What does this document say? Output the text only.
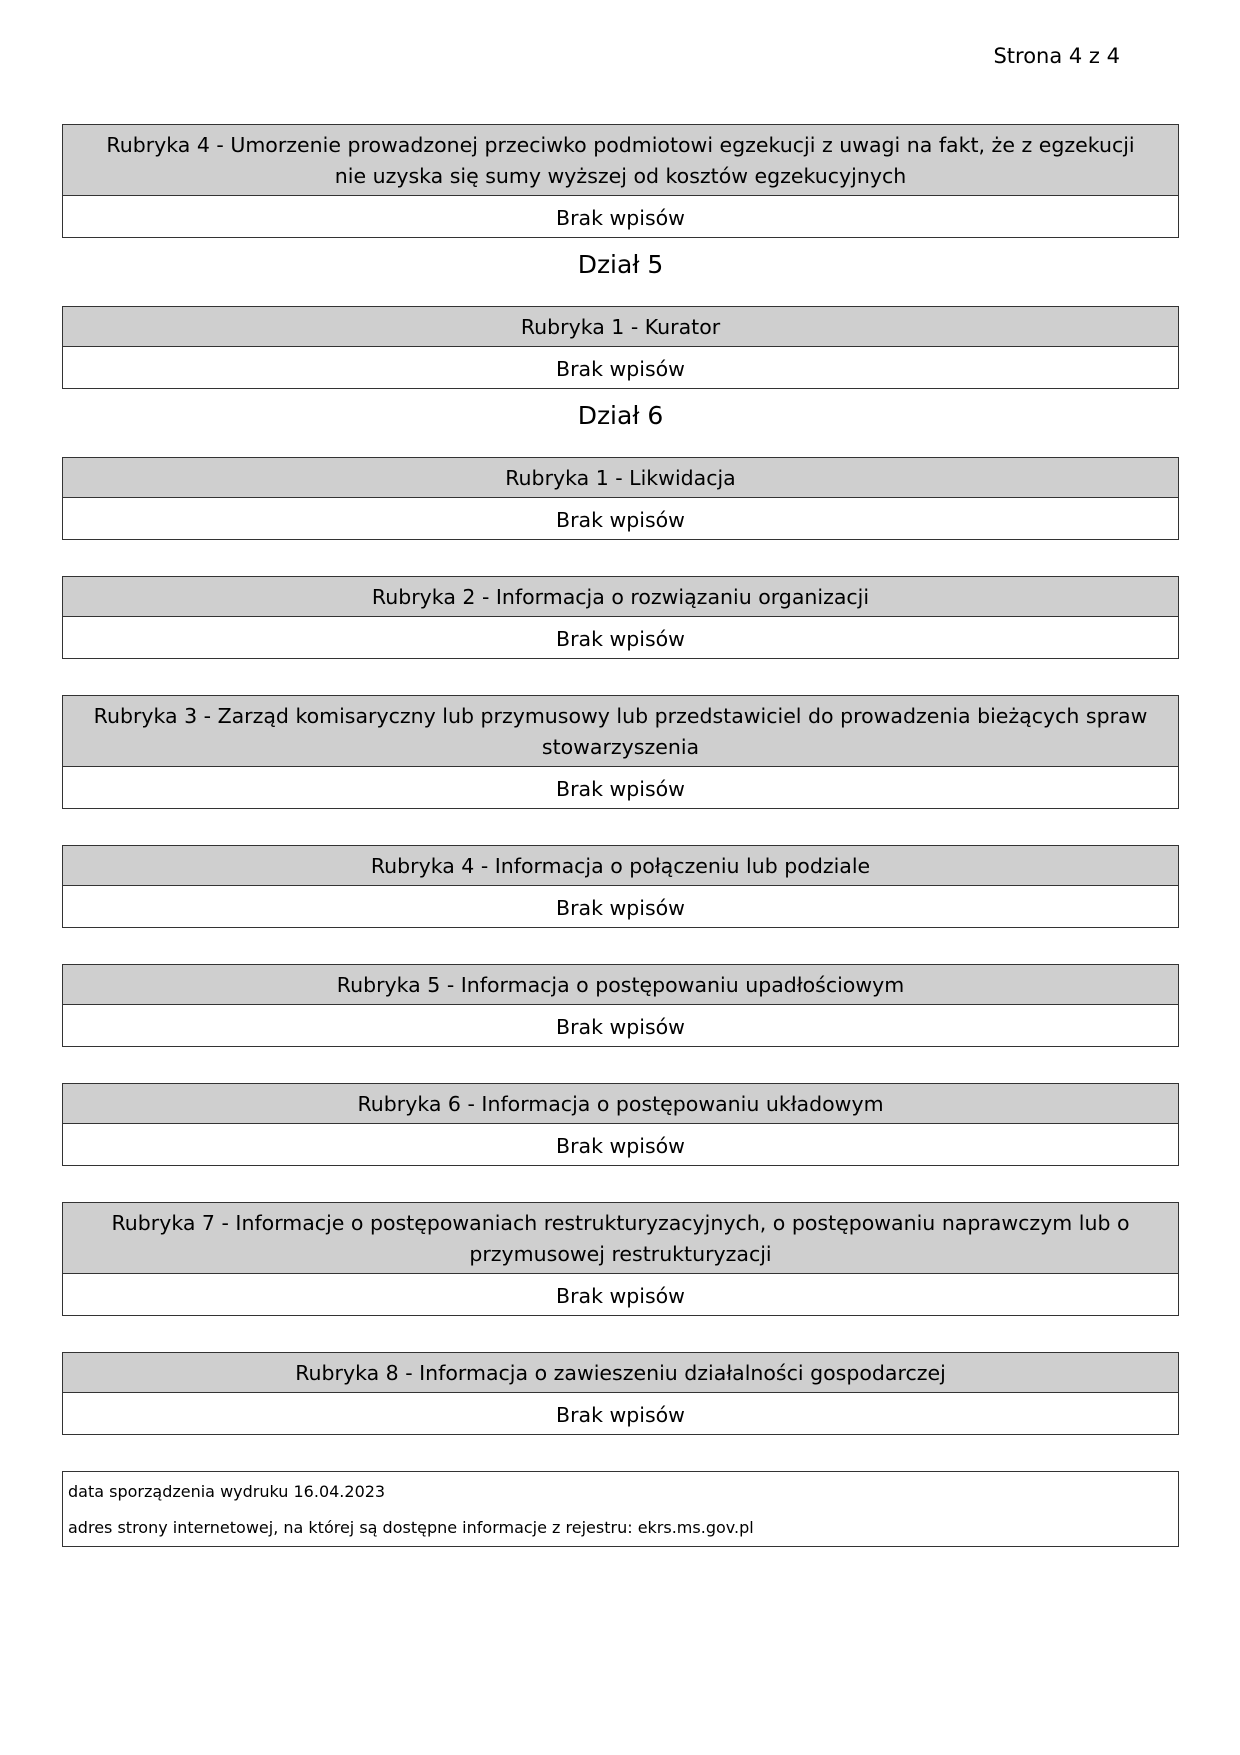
Strona 4 z 4
Rubryka 4 - Umorzenie prowadzonej przeciwko podmiotowi egzekucji z uwagi na fakt, że z egzekucji nie uzyska się sumy wyższej od kosztów egzekucyjnych
Brak wpisów
Dział 5
Rubryka 1 - Kurator
Brak wpisów
Dział 6
Rubryka 1 - Likwidacja
Brak wpisów
Rubryka 2 - Informacja o rozwiązaniu organizacji
Brak wpisów
Rubryka 3 - Zarząd komisaryczny lub przymusowy lub przedstawiciel do prowadzenia bieżących spraw stowarzyszenia
Brak wpisów
Rubryka 4 - Informacja o połączeniu lub podziale
Brak wpisów
Rubryka 5 - Informacja o postępowaniu upadłościowym
Brak wpisów
Rubryka 6 - Informacja o postępowaniu układowym
Brak wpisów
Rubryka 7 - Informacje o postępowaniach restrukturyzacyjnych, o postępowaniu naprawczym lub o przymusowej restrukturyzacji
Brak wpisów
Rubryka 8 - Informacja o zawieszeniu działalności gospodarczej
Brak wpisów
data sporządzenia wydruku 16.04.2023
adres strony internetowej, na której są dostępne informacje z rejestru: ekrs.ms.gov.pl
